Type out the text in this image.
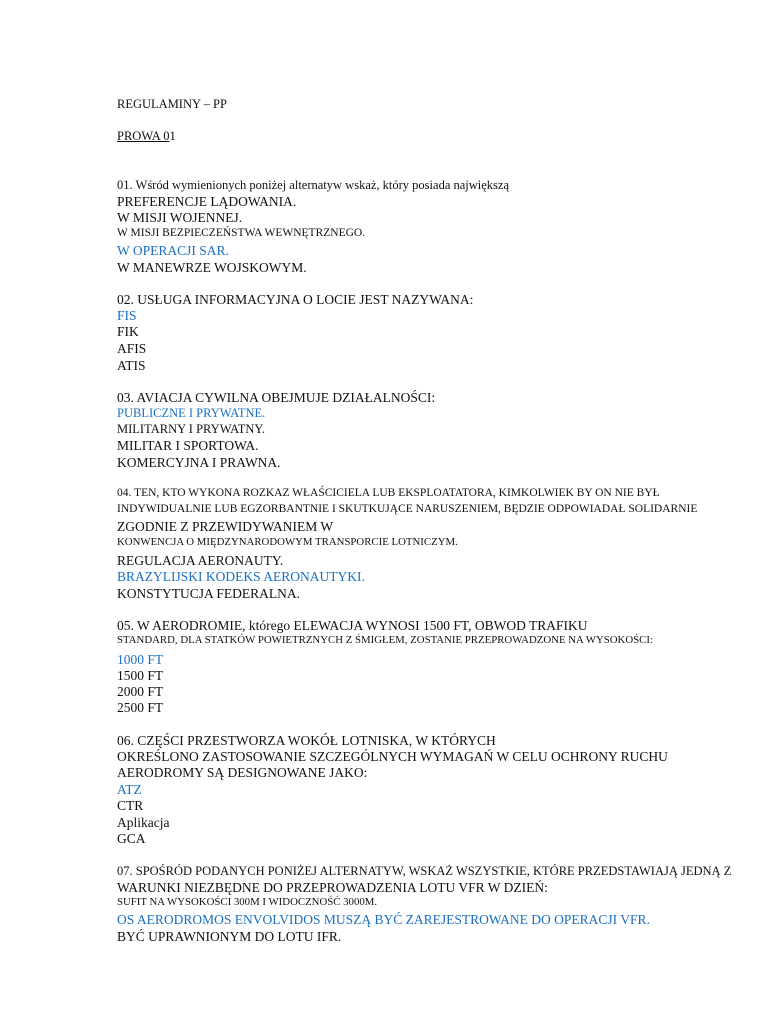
REGULAMINY – PP
PROWA 01
01. Wśród wymienionych poniżej alternatyw wskaż, który posiada największą
PREFERENCJE LĄDOWANIA.
W MISJI WOJENNEJ.
W MISJI BEZPIECZEŃSTWA WEWNĘTRZNEGO.
W OPERACJI SAR.
W MANEWRZE WOJSKOWYM.
02. USŁUGA INFORMACYJNA O LOCIE JEST NAZYWANA:
FIS
FIK
AFIS
ATIS
03. AVIACJA CYWILNA OBEJMUJE DZIAŁALNOŚCI:
PUBLICZNE I PRYWATNE.
MILITARNY I PRYWATNY.
MILITAR I SPORTOWA.
KOMERCYJNA I PRAWNA.
04. TEN, KTO WYKONA ROZKAZ WŁAŚCICIELA LUB EKSPLOATATORA, KIMKOLWIEK BY ON NIE BYŁ
INDYWIDUALNIE LUB EGZORBANTNIE I SKUTKUJĄCE NARUSZENIEM, BĘDZIE ODPOWIADAŁ SOLIDARNIE
ZGODNIE Z PRZEWIDYWANIEM W
KONWENCJA O MIĘDZYNARODOWYM TRANSPORCIE LOTNICZYM.
REGULACJA AERONAUTY.
BRAZYLIJSKI KODEKS AERONAUTYKI.
KONSTYTUCJA FEDERALNA.
05. W AERODROMIE, którego ELEWACJA WYNOSI 1500 FT, OBWOD TRAFIKU
STANDARD, DLA STATKÓW POWIETRZNYCH Z ŚMIGŁEM, ZOSTANIE PRZEPROWADZONE NA WYSOKOŚCI:
1000 FT
1500 FT
2000 FT
2500 FT
06. CZĘŚCI PRZESTWORZA WOKÓŁ LOTNISKA, W KTÓRYCH
OKREŚLONO ZASTOSOWANIE SZCZEGÓLNYCH WYMAGAŃ W CELU OCHRONY RUCHU
AERODROMY SĄ DESIGNOWANE JAKO:
ATZ
CTR
Aplikacja
GCA
07. SPOŚRÓD PODANYCH PONIŻEJ ALTERNATYW, WSKAŻ WSZYSTKIE, KTÓRE PRZEDSTAWIAJĄ JEDNĄ Z
WARUNKI NIEZBĘDNE DO PRZEPROWADZENIA LOTU VFR W DZIEŃ:
SUFIT NA WYSOKOŚCI 300M I WIDOCZNOŚĆ 3000M.
OS AERODROMOS ENVOLVIDOS MUSZĄ BYĆ ZAREJESTROWANE DO OPERACJI VFR.
BYĆ UPRAWNIONYM DO LOTU IFR.
